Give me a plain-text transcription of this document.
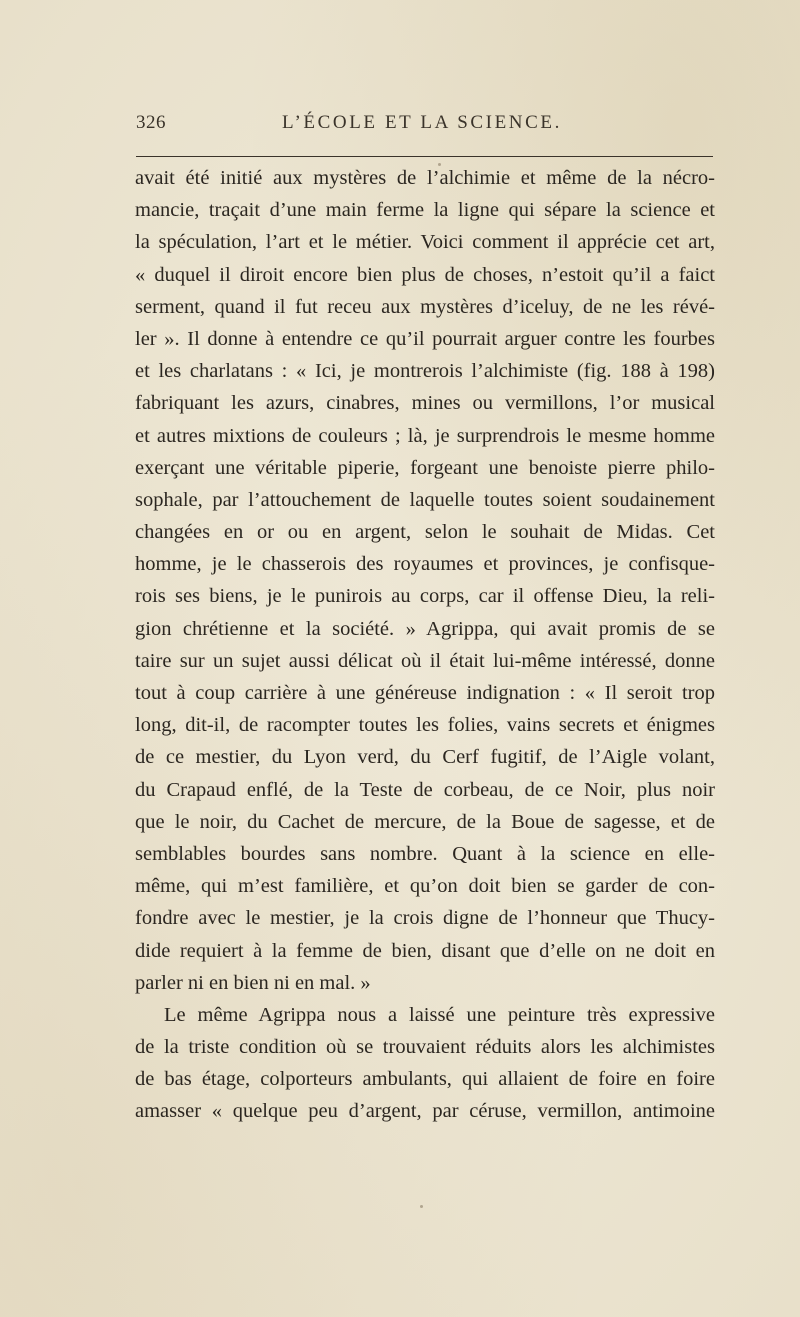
326	L’ÉCOLE ET LA SCIENCE.
avait été initié aux mystères de l’alchimie et même de la nécro-
mancie, traçait d’une main ferme la ligne qui sépare la science et
la spéculation, l’art et le métier. Voici comment il apprécie cet art,
« duquel il diroit encore bien plus de choses, n’estoit qu’il a faict
serment, quand il fut receu aux mystères d’iceluy, de ne les révé-
ler ». Il donne à entendre ce qu’il pourrait arguer contre les fourbes
et les charlatans : « Ici, je montrerois l’alchimiste (fig. 188 à 198)
fabriquant les azurs, cinabres, mines ou vermillons, l’or musical
et autres mixtions de couleurs ; là, je surprendrois le mesme homme
exerçant une véritable piperie, forgeant une benoiste pierre philo-
sophale, par l’attouchement de laquelle toutes soient soudainement
changées en or ou en argent, selon le souhait de Midas. Cet
homme, je le chasserois des royaumes et provinces, je confisque-
rois ses biens, je le punirois au corps, car il offense Dieu, la reli-
gion chrétienne et la société. » Agrippa, qui avait promis de se
taire sur un sujet aussi délicat où il était lui-même intéressé, donne
tout à coup carrière à une généreuse indignation : « Il seroit trop
long, dit-il, de racompter toutes les folies, vains secrets et énigmes
de ce mestier, du Lyon verd, du Cerf fugitif, de l’Aigle volant,
du Crapaud enflé, de la Teste de corbeau, de ce Noir, plus noir
que le noir, du Cachet de mercure, de la Boue de sagesse, et de
semblables bourdes sans nombre. Quant à la science en elle-
même, qui m’est familière, et qu’on doit bien se garder de con-
fondre avec le mestier, je la crois digne de l’honneur que Thucy-
dide requiert à la femme de bien, disant que d’elle on ne doit en
parler ni en bien ni en mal. »
Le même Agrippa nous a laissé une peinture très expressive
de la triste condition où se trouvaient réduits alors les alchimistes
de bas étage, colporteurs ambulants, qui allaient de foire en foire
amasser « quelque peu d’argent, par céruse, vermillon, antimoine
